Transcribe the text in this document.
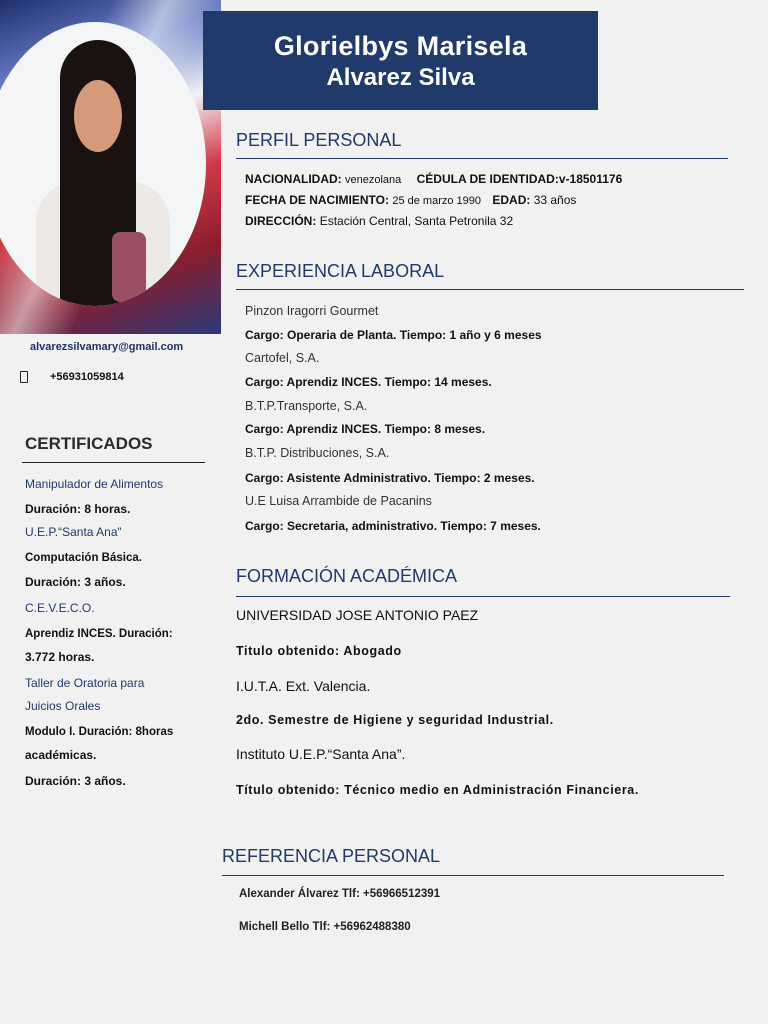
alvarezsilvamary@gmail.com
+56931059814
Glorielbys Marisela
Alvarez Silva
PERFIL PERSONAL
NACIONALIDAD: venezolana CÉDULA DE IDENTIDAD:v-18501176
FECHA DE NACIMIENTO: 25 de marzo 1990 EDAD: 33 años
DIRECCIÓN: Estación Central, Santa Petronila 32
EXPERIENCIA LABORAL
Pinzon Iragorri Gourmet
Cargo: Operaria de Planta. Tiempo: 1 año y 6 meses
Cartofel, S.A.
Cargo: Aprendiz INCES. Tiempo: 14 meses.
B.T.P.Transporte, S.A.
Cargo: Aprendiz INCES. Tiempo: 8 meses.
B.T.P. Distribuciones, S.A.
Cargo: Asistente Administrativo. Tiempo: 2 meses.
U.E Luisa Arrambide de Pacanins
Cargo: Secretaria, administrativo. Tiempo: 7 meses.
FORMACIÓN ACADÉMICA
UNIVERSIDAD JOSE ANTONIO PAEZ
Titulo obtenido: Abogado
I.U.T.A. Ext. Valencia.
2do. Semestre de Higiene y seguridad Industrial.
Instituto U.E.P.“Santa Ana”.
Título obtenido: Técnico medio en Administración Financiera.
CERTIFICADOS
Manipulador de Alimentos
Duración: 8 horas.
U.E.P.“Santa Ana”
Computación Básica.
Duración: 3 años.
C.E.V.E.C.O.
Aprendiz INCES. Duración:
3.772 horas.
Taller de Oratoria para
Juicios Orales
Modulo I. Duración: 8horas
académicas.
Duración: 3 años.
REFERENCIA PERSONAL
Alexander Álvarez Tlf: +56966512391
Michell Bello Tlf: +56962488380
